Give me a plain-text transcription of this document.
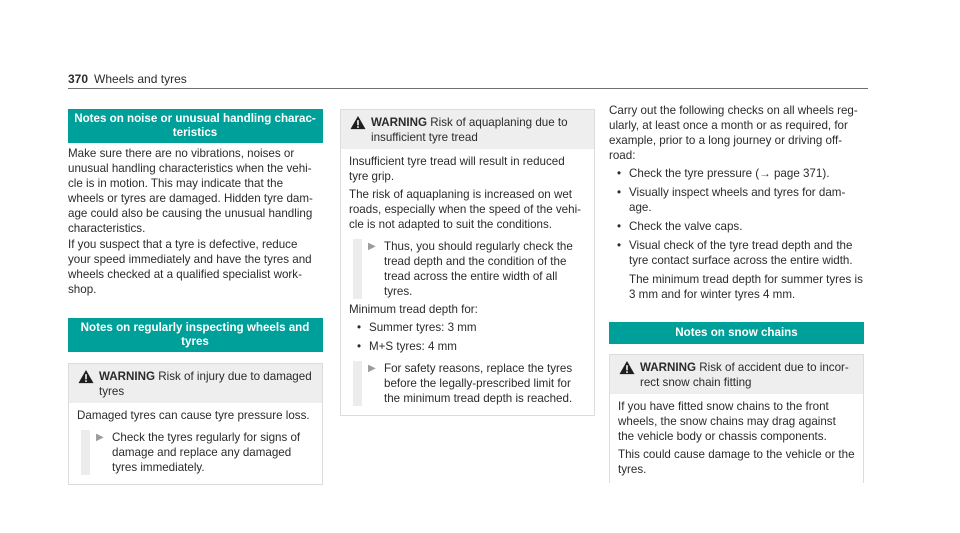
370 Wheels and tyres
Notes on noise or unusual handling charac-
teristics

Make sure there are no vibrations, noises or unusual handling characteristics when the vehi-cle is in motion. This may indicate that the wheels or tyres are damaged. Hidden tyre dam-age could also be causing the unusual handling characteristics.

If you suspect that a tyre is defective, reduce your speed immediately and have the tyres and wheels checked at a qualified specialist work-shop.

Notes on regularly inspecting wheels and
tyres
WARNING Risk of injury due to damaged tyres

Damaged tyres can cause tyre pressure loss.

▶ Check the tyres regularly for signs of damage and replace any damaged tyres immediately.
WARNING Risk of aquaplaning due to insufficient tyre tread

Insufficient tyre tread will result in reduced tyre grip.

The risk of aquaplaning is increased on wet roads, especially when the speed of the vehi-cle is not adapted to suit the conditions.

▶ Thus, you should regularly check the tread depth and the condition of the tread across the entire width of all tyres.

Minimum tread depth for:

• Summer tyres: 3 mm
• M+S tyres: 4 mm
▶ For safety reasons, replace the tyres before the legally-prescribed limit for the minimum tread depth is reached.

Carry out the following checks on all wheels reg-ularly, at least once a month or as required, for example, prior to a long journey or driving off-road:

• Check the tyre pressure (→ page 371).
• Visually inspect wheels and tyres for dam-age.
• Check the valve caps.
• Visual check of the tyre tread depth and the tyre contact surface across the entire width.

The minimum tread depth for summer tyres is 3 mm and for winter tyres 4 mm.

Notes on snow chains
WARNING Risk of accident due to incor-rect snow chain fitting

If you have fitted snow chains to the front wheels, the snow chains may drag against the vehicle body or chassis components.

This could cause damage to the vehicle or the tyres.
